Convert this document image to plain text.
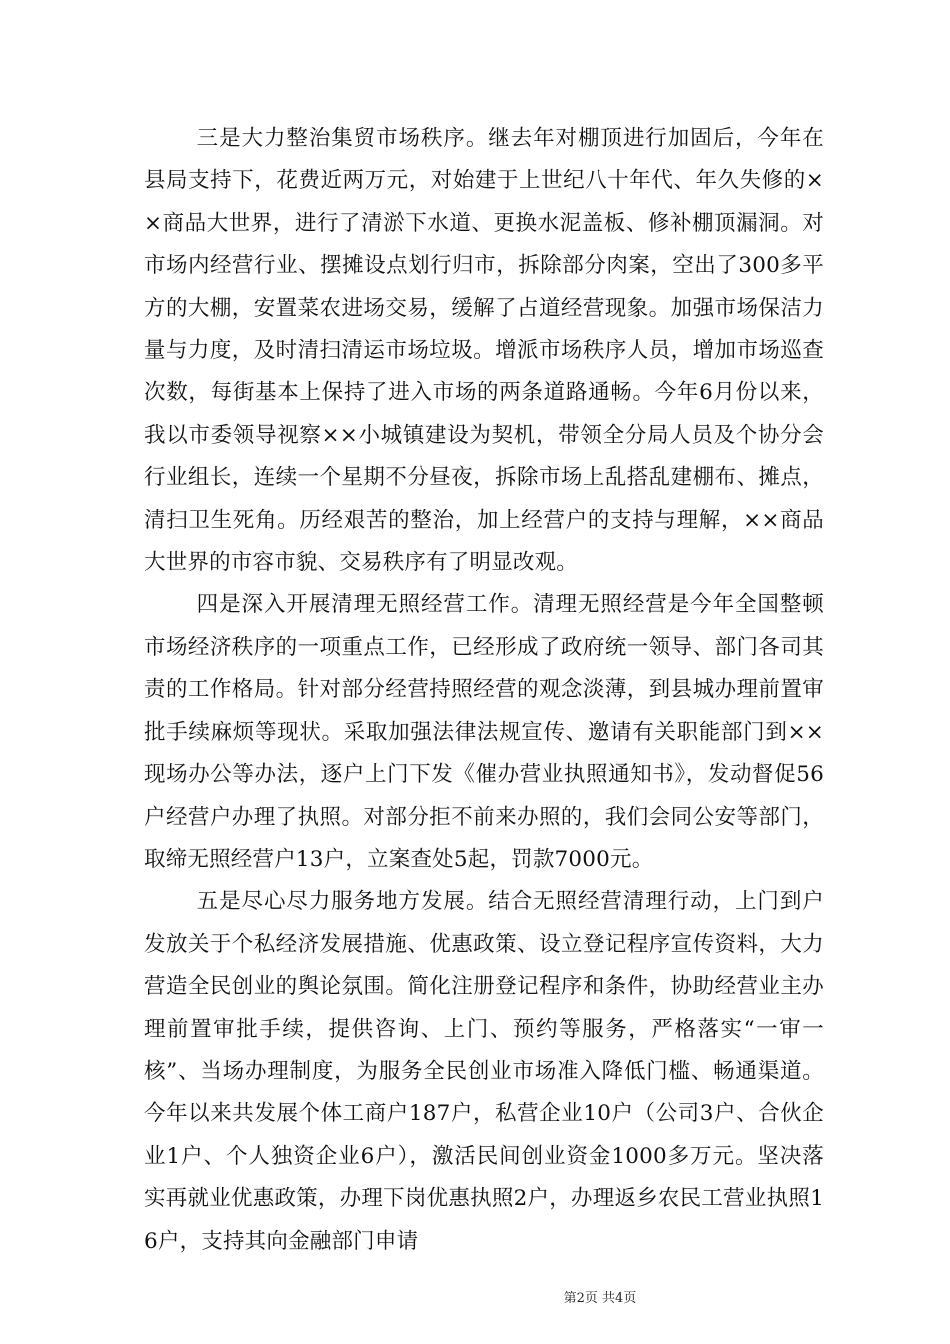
三是大力整治集贸市场秩序。继去年对棚顶进行加固后，今年在县局支持下，花费近两万元，对始建于上世纪八十年代、年久失修的××商品大世界，进行了清淤下水道、更换水泥盖板、修补棚顶漏洞。对市场内经营行业、摆摊设点划行归市，拆除部分肉案，空出了300多平方的大棚，安置菜农进场交易，缓解了占道经营现象。加强市场保洁力量与力度，及时清扫清运市场垃圾。增派市场秩序人员，增加市场巡查次数，每街基本上保持了进入市场的两条道路通畅。今年6月份以来，我以市委领导视察××小城镇建设为契机，带领全分局人员及个协分会行业组长，连续一个星期不分昼夜，拆除市场上乱搭乱建棚布、摊点，清扫卫生死角。历经艰苦的整治，加上经营户的支持与理解，××商品大世界的市容市貌、交易秩序有了明显改观。

四是深入开展清理无照经营工作。清理无照经营是今年全国整顿市场经济秩序的一项重点工作，已经形成了政府统一领导、部门各司其责的工作格局。针对部分经营持照经营的观念淡薄，到县城办理前置审批手续麻烦等现状。采取加强法律法规宣传、邀请有关职能部门到××现场办公等办法，逐户上门下发《催办营业执照通知书》，发动督促56户经营户办理了执照。对部分拒不前来办照的，我们会同公安等部门，取缔无照经营户13户，立案查处5起，罚款7000元。

五是尽心尽力服务地方发展。结合无照经营清理行动，上门到户发放关于个私经济发展措施、优惠政策、设立登记程序宣传资料，大力营造全民创业的舆论氛围。简化注册登记程序和条件，协助经营业主办理前置审批手续，提供咨询、上门、预约等服务，严格落实“一审一核”、当场办理制度，为服务全民创业市场准入降低门槛、畅通渠道。今年以来共发展个体工商户187户，私营企业10户（公司3户、合伙企业1户、个人独资企业6户），激活民间创业资金1000多万元。坚决落实再就业优惠政策，办理下岗优惠执照2户，办理返乡农民工营业执照16户，支持其向金融部门申请

第2页 共4页
